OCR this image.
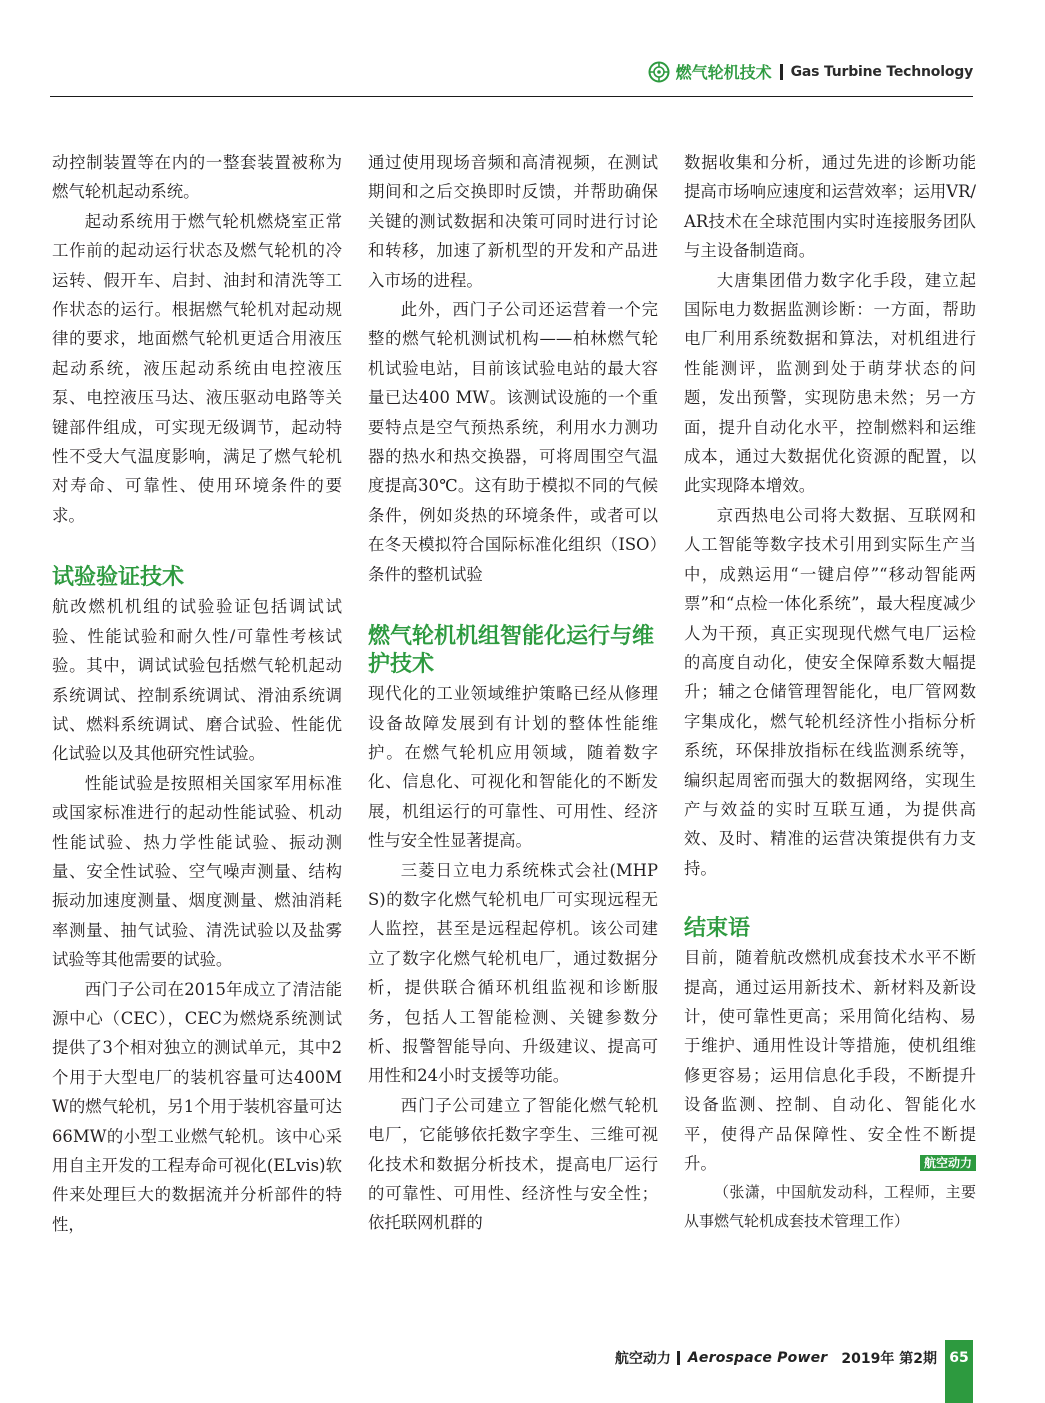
燃气轮机技术 Gas Turbine Technology

动控制装置等在内的一整套装置被称为燃气轮机起动系统。

起动系统用于燃气轮机燃烧室正常工作前的起动运行状态及燃气轮机的冷运转、假开车、启封、油封和清洗等工作状态的运行。根据燃气轮机对起动规律的要求，地面燃气轮机更适合用液压起动系统，液压起动系统由电控液压泵、电控液压马达、液压驱动电路等关键部件组成，可实现无级调节，起动特性不受大气温度影响，满足了燃气轮机对寿命、可靠性、使用环境条件的要求。

试验验证技术

航改燃机机组的试验验证包括调试试验、性能试验和耐久性/可靠性考核试验。其中，调试试验包括燃气轮机起动系统调试、控制系统调试、滑油系统调试、燃料系统调试、磨合试验、性能优化试验以及其他研究性试验。

性能试验是按照相关国家军用标准或国家标准进行的起动性能试验、机动性能试验、热力学性能试验、振动测量、安全性试验、空气噪声测量、结构振动加速度测量、烟度测量、燃油消耗率测量、抽气试验、清洗试验以及盐雾试验等其他需要的试验。

西门子公司在2015年成立了清洁能源中心（CEC），CEC为燃烧系统测试提供了3个相对独立的测试单元，其中2个用于大型电厂的装机容量可达400MW的燃气轮机，另1个用于装机容量可达66MW的小型工业燃气轮机。该中心采用自主开发的工程寿命可视化(ELvis)软件来处理巨大的数据流并分析部件的特性，

通过使用现场音频和高清视频，在测试期间和之后交换即时反馈，并帮助确保关键的测试数据和决策可同时进行讨论和转移，加速了新机型的开发和产品进入市场的进程。

此外，西门子公司还运营着一个完整的燃气轮机测试机构——柏林燃气轮机试验电站，目前该试验电站的最大容量已达400 MW。该测试设施的一个重要特点是空气预热系统，利用水力测功器的热水和热交换器，可将周围空气温度提高30℃。这有助于模拟不同的气候条件，例如炎热的环境条件，或者可以在冬天模拟符合国际标准化组织（ISO）条件的整机试验

燃气轮机机组智能化运行与维护技术

现代化的工业领域维护策略已经从修理设备故障发展到有计划的整体性能维护。在燃气轮机应用领域，随着数字化、信息化、可视化和智能化的不断发展，机组运行的可靠性、可用性、经济性与安全性显著提高。

三菱日立电力系统株式会社(MHPS)的数字化燃气轮机电厂可实现远程无人监控，甚至是远程起停机。该公司建立了数字化燃气轮机电厂，通过数据分析，提供联合循环机组监视和诊断服务，包括人工智能检测、关键参数分析、报警智能导向、升级建议、提高可用性和24小时支援等功能。

西门子公司建立了智能化燃气轮机电厂，它能够依托数字孪生、三维可视化技术和数据分析技术，提高电厂运行的可靠性、可用性、经济性与安全性；依托联网机群的

数据收集和分析，通过先进的诊断功能提高市场响应速度和运营效率；运用VR/AR技术在全球范围内实时连接服务团队与主设备制造商。

大唐集团借力数字化手段，建立起国际电力数据监测诊断：一方面，帮助电厂利用系统数据和算法，对机组进行性能测评，监测到处于萌芽状态的问题，发出预警，实现防患未然；另一方面，提升自动化水平，控制燃料和运维成本，通过大数据优化资源的配置，以此实现降本增效。

京西热电公司将大数据、互联网和人工智能等数字技术引用到实际生产当中，成熟运用“一键启停”“移动智能两票”和“点检一体化系统”，最大程度减少人为干预，真正实现现代燃气电厂运检的高度自动化，使安全保障系数大幅提升；辅之仓储管理智能化，电厂管网数字集成化，燃气轮机经济性小指标分析系统，环保排放指标在线监测系统等，编织起周密而强大的数据网络，实现生产与效益的实时互联互通，为提供高效、及时、精准的运营决策提供有力支持。

结束语

目前，随着航改燃机成套技术水平不断提高，通过运用新技术、新材料及新设计，使可靠性更高；采用简化结构、易于维护、通用性设计等措施，使机组维修更容易；运用信息化手段，不断提升设备监测、控制、自动化、智能化水平，使得产品保障性、安全性不断提升。	航空动力

（张潇，中国航发动科，工程师，主要从事燃气轮机成套技术管理工作）

航空动力 Aerospace Power 2019年 第2期 65
